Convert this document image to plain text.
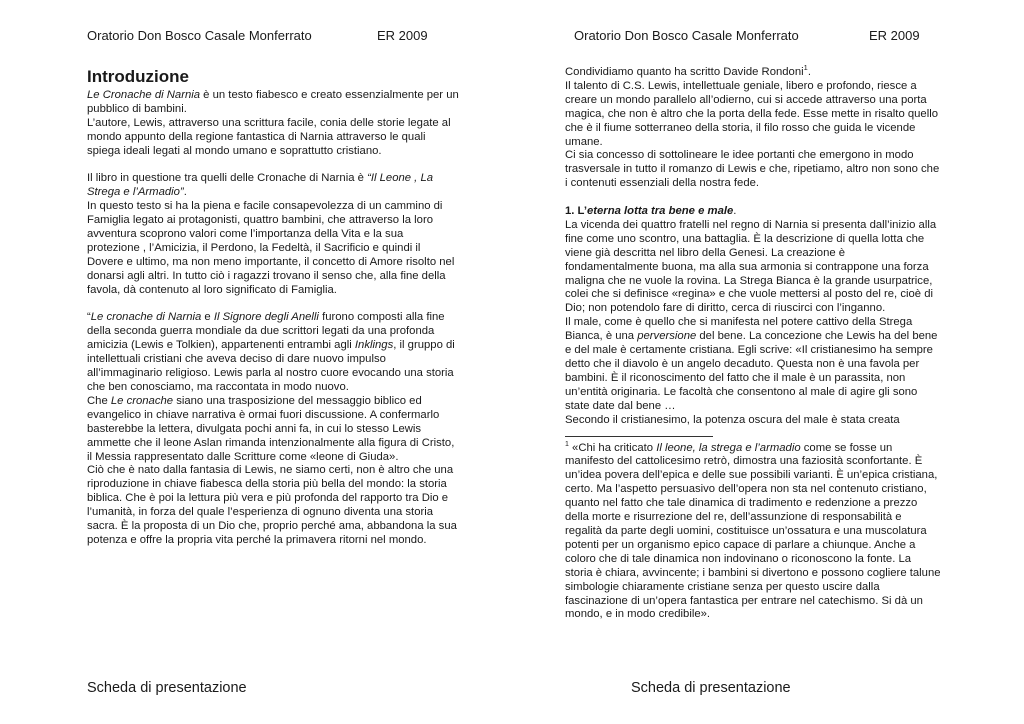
Oratorio Don Bosco Casale Monferrato	ER 2009
Introduzione

Le Cronache di Narnia è un testo fiabesco e creato essenzialmente per un pubblico di bambini.

L’autore, Lewis, attraverso una scrittura facile, conia delle storie legate al mondo appunto della regione fantastica di Narnia attraverso le quali spiega ideali legati al mondo umano e soprattutto cristiano.

Il libro in questione tra quelli delle Cronache di Narnia è “Il Leone , La Strega e l’Armadio”.

In questo testo si ha la piena e facile consapevolezza di un cammino di Famiglia legato ai protagonisti, quattro bambini, che attraverso la loro avventura scoprono valori come l’importanza della Vita e la sua protezione , l’Amicizia, il Perdono, la Fedeltà, il Sacrificio e quindi il Dovere e ultimo, ma non meno importante, il concetto di Amore risolto nel donarsi agli altri. In tutto ciò i ragazzi trovano il senso che, alla fine della favola, dà contenuto al loro significato di Famiglia.

“Le cronache di Narnia e Il Signore degli Anelli furono composti alla fine della seconda guerra mondiale da due scrittori legati da una profonda amicizia (Lewis e Tolkien), appartenenti entrambi agli Inklings, il gruppo di intellettuali cristiani che aveva deciso di dare nuovo impulso all’immaginario religioso. Lewis parla al nostro cuore evocando una storia che ben conosciamo, ma raccontata in modo nuovo.

Che Le cronache siano una trasposizione del messaggio biblico ed evangelico in chiave narrativa è ormai fuori discussione. A confermarlo basterebbe la lettera, divulgata pochi anni fa, in cui lo stesso Lewis ammette che il leone Aslan rimanda intenzionalmente alla figura di Cristo, il Messia rappresentato dalle Scritture come «leone di Giuda».

Ciò che è nato dalla fantasia di Lewis, ne siamo certi, non è altro che una riproduzione in chiave fiabesca della storia più bella del mondo: la storia biblica. Che è poi la lettura più vera e più profonda del rapporto tra Dio e l’umanità, in forza del quale l’esperienza di ognuno diventa una storia sacra. È la proposta di un Dio che, proprio perché ama, abbandona la sua potenza e offre la propria vita perché la primavera ritorni nel mondo.

Scheda di presentazione
Oratorio Don Bosco Casale Monferrato	ER 2009

Condividiamo quanto ha scritto Davide Rondoni$^1$.

Il talento di C.S. Lewis, intellettuale geniale, libero e profondo, riesce a creare un mondo parallelo all’odierno, cui si accede attraverso una porta magica, che non è altro che la porta della fede. Esse mette in risalto quello che è il fiume sotterraneo della storia, il filo rosso che guida le vicende umane.

Ci sia concesso di sottolineare le idee portanti che emergono in modo trasversale in tutto il romanzo di Lewis e che, ripetiamo, altro non sono che i contenuti essenziali della nostra fede.

1. L’eterna lotta tra bene e male.

La vicenda dei quattro fratelli nel regno di Narnia si presenta dall’inizio alla fine come uno scontro, una battaglia. È la descrizione di quella lotta che viene già descritta nel libro della Genesi. La creazione è fondamentalmente buona, ma alla sua armonia si contrappone una forza maligna che ne vuole la rovina. La Strega Bianca è la grande usurpatrice, colei che si definisce «regina» e che vuole mettersi al posto del re, cioè di Dio; non potendolo fare di diritto, cerca di riuscirci con l’inganno.

Il male, come è quello che si manifesta nel potere cattivo della Strega Bianca, è una perversione del bene. La concezione che Lewis ha del bene e del male è certamente cristiana. Egli scrive: «Il cristianesimo ha sempre detto che il diavolo è un angelo decaduto. Questa non è una favola per bambini. È il riconoscimento del fatto che il male è un parassita, non un’entità originaria. Le facoltà che consentono al male di agire gli sono state date dal bene …

Secondo il cristianesimo, la potenza oscura del male è stata creata

$^1$ «Chi ha criticato Il leone, la strega e l’armadio come se fosse un manifesto del cattolicesimo retrò, dimostra una faziosità sconfortante. È un’idea povera dell’epica e delle sue possibili varianti. È un’epica cristiana, certo. Ma l’aspetto persuasivo dell’opera non sta nel contenuto cristiano, quanto nel fatto che tale dinamica di tradimento e redenzione a prezzo della morte e risurrezione del re, dell’assunzione di responsabilità e regalità da parte degli uomini, costituisce un’ossatura e una muscolatura potenti per un organismo epico capace di parlare a chiunque. Anche a coloro che di tale dinamica non indovinano o riconoscono la fonte. La storia è chiara, avvincente; i bambini si divertono e possono cogliere talune simbologie chiaramente cristiane senza per questo uscire dalla fascinazione di un’opera fantastica per entrare nel catechismo. Si dà un mondo, e in modo credibile».

Scheda di presentazione
